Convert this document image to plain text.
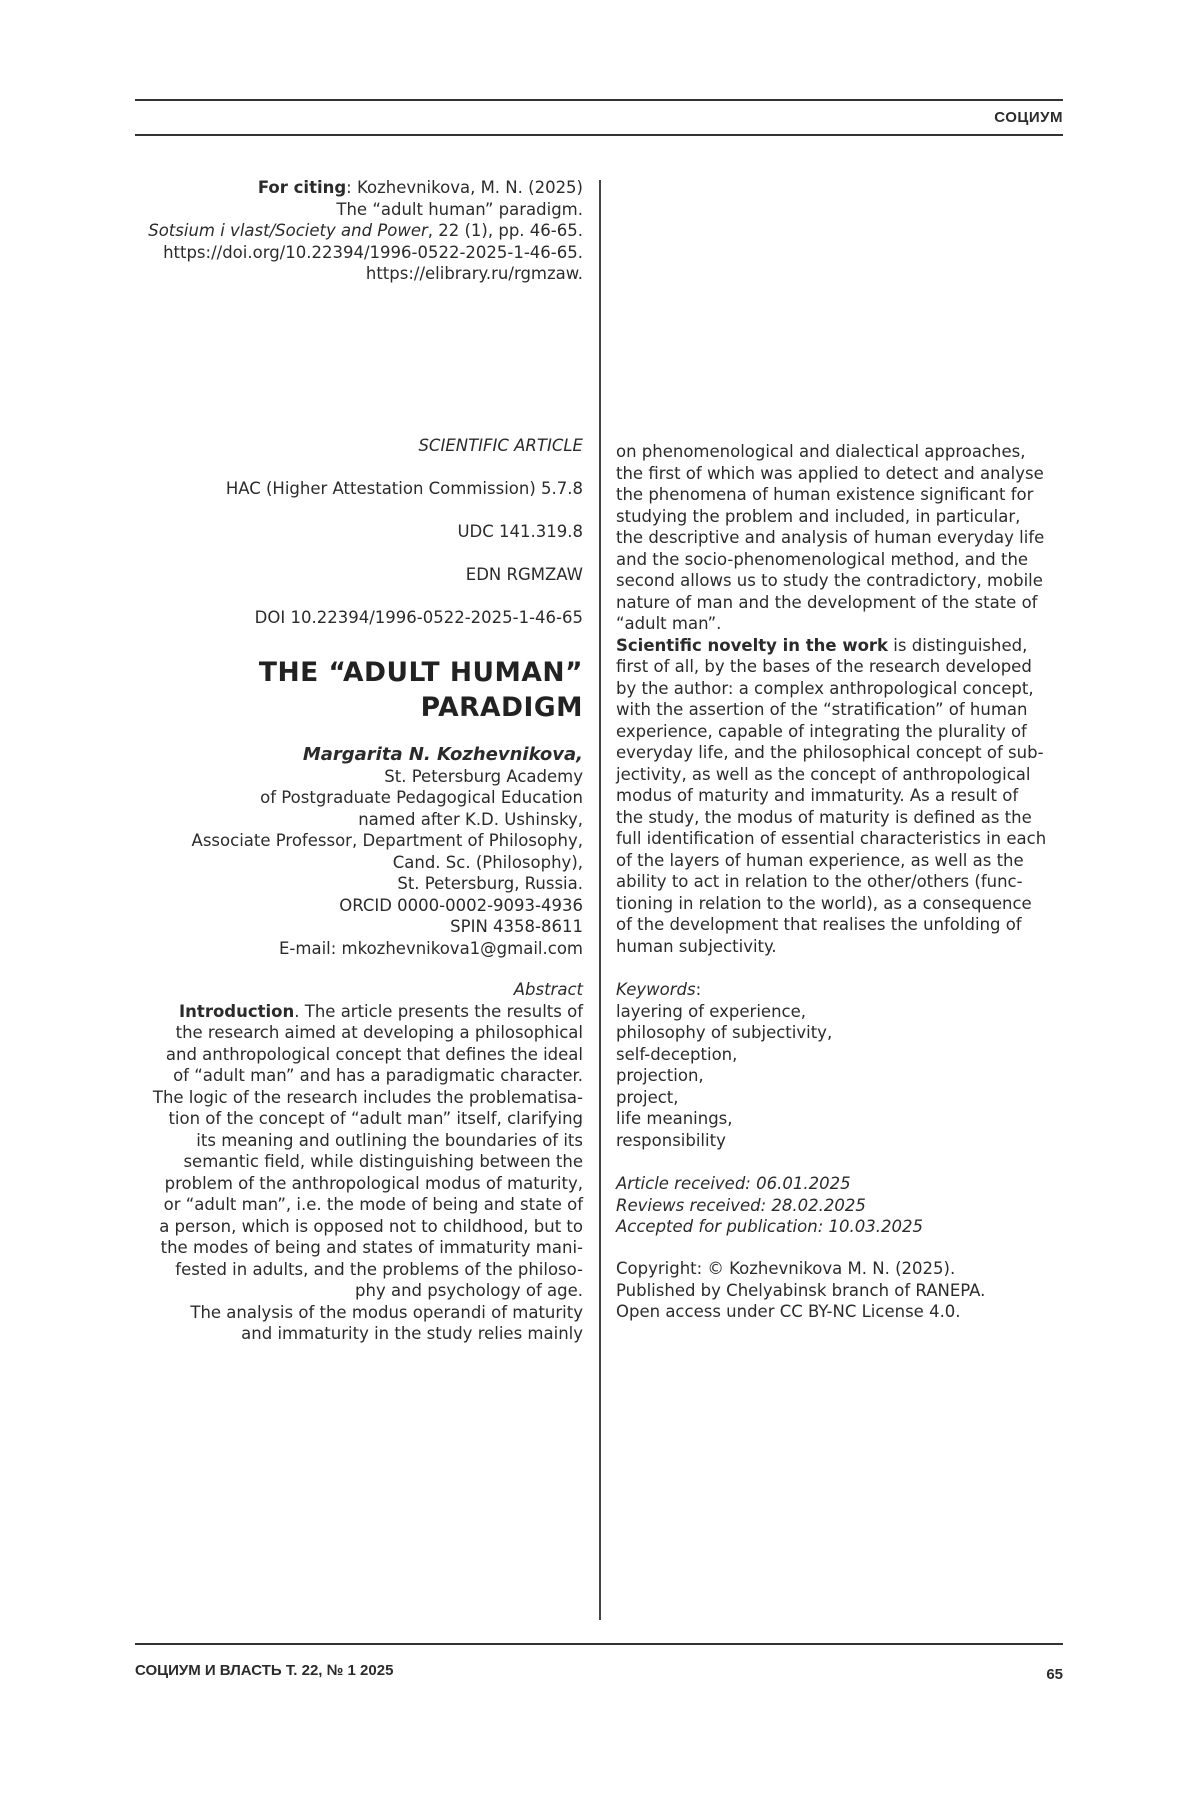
СОЦИУМ
For citing: Kozhevnikova, M. N. (2025)
The “adult human” paradigm.
Sotsium i vlast/Society and Power, 22 (1), pp. 46-65.
https://doi.org/10.22394/1996-0522-2025-1-46-65.
https://elibrary.ru/rgmzaw.
SCIENTIFIC ARTICLE
HAC (Higher Attestation Commission) 5.7.8
UDC 141.319.8
EDN RGMZAW
DOI 10.22394/1996-0522-2025-1-46-65
THE “ADULT HUMAN”
PARADIGM
Margarita N. Kozhevnikova,
St. Petersburg Academy
of Postgraduate Pedagogical Education
named after K.D. Ushinsky,
Associate Professor, Department of Philosophy,
Cand. Sc. (Philosophy),
St. Petersburg, Russia.
ORCID 0000-0002-9093-4936
SPIN 4358-8611
E-mail: mkozhevnikova1@gmail.com
Abstract
Introduction. The article presents the results of
the research aimed at developing a philosophical
and anthropological concept that defines the ideal
of “adult man” and has a paradigmatic character.
The logic of the research includes the problematisa-
tion of the concept of “adult man” itself, clarifying
its meaning and outlining the boundaries of its
semantic field, while distinguishing between the
problem of the anthropological modus of maturity,
or “adult man”, i.e. the mode of being and state of
a person, which is opposed not to childhood, but to
the modes of being and states of immaturity mani-
fested in adults, and the problems of the philoso-
phy and psychology of age.
The analysis of the modus operandi of maturity
and immaturity in the study relies mainly
on phenomenological and dialectical approaches,
the first of which was applied to detect and analyse
the phenomena of human existence significant for
studying the problem and included, in particular,
the descriptive and analysis of human everyday life
and the socio-phenomenological method, and the
second allows us to study the contradictory, mobile
nature of man and the development of the state of
“adult man”.
Scientific novelty in the work is distinguished,
first of all, by the bases of the research developed
by the author: a complex anthropological concept,
with the assertion of the “stratification” of human
experience, capable of integrating the plurality of
everyday life, and the philosophical concept of sub-
jectivity, as well as the concept of anthropological
modus of maturity and immaturity. As a result of
the study, the modus of maturity is defined as the
full identification of essential characteristics in each
of the layers of human experience, as well as the
ability to act in relation to the other/others (func-
tioning in relation to the world), as a consequence
of the development that realises the unfolding of
human subjectivity.
Keywords:
layering of experience,
philosophy of subjectivity,
self-deception,
projection,
project,
life meanings,
responsibility
Article received: 06.01.2025
Reviews received: 28.02.2025
Accepted for publication: 10.03.2025
Copyright: © Kozhevnikova M. N. (2025).
Published by Chelyabinsk branch of RANEPA.
Open access under CC BY-NC License 4.0.
СОЦИУМ И ВЛАСТЬ Т. 22, № 1 2025	65
